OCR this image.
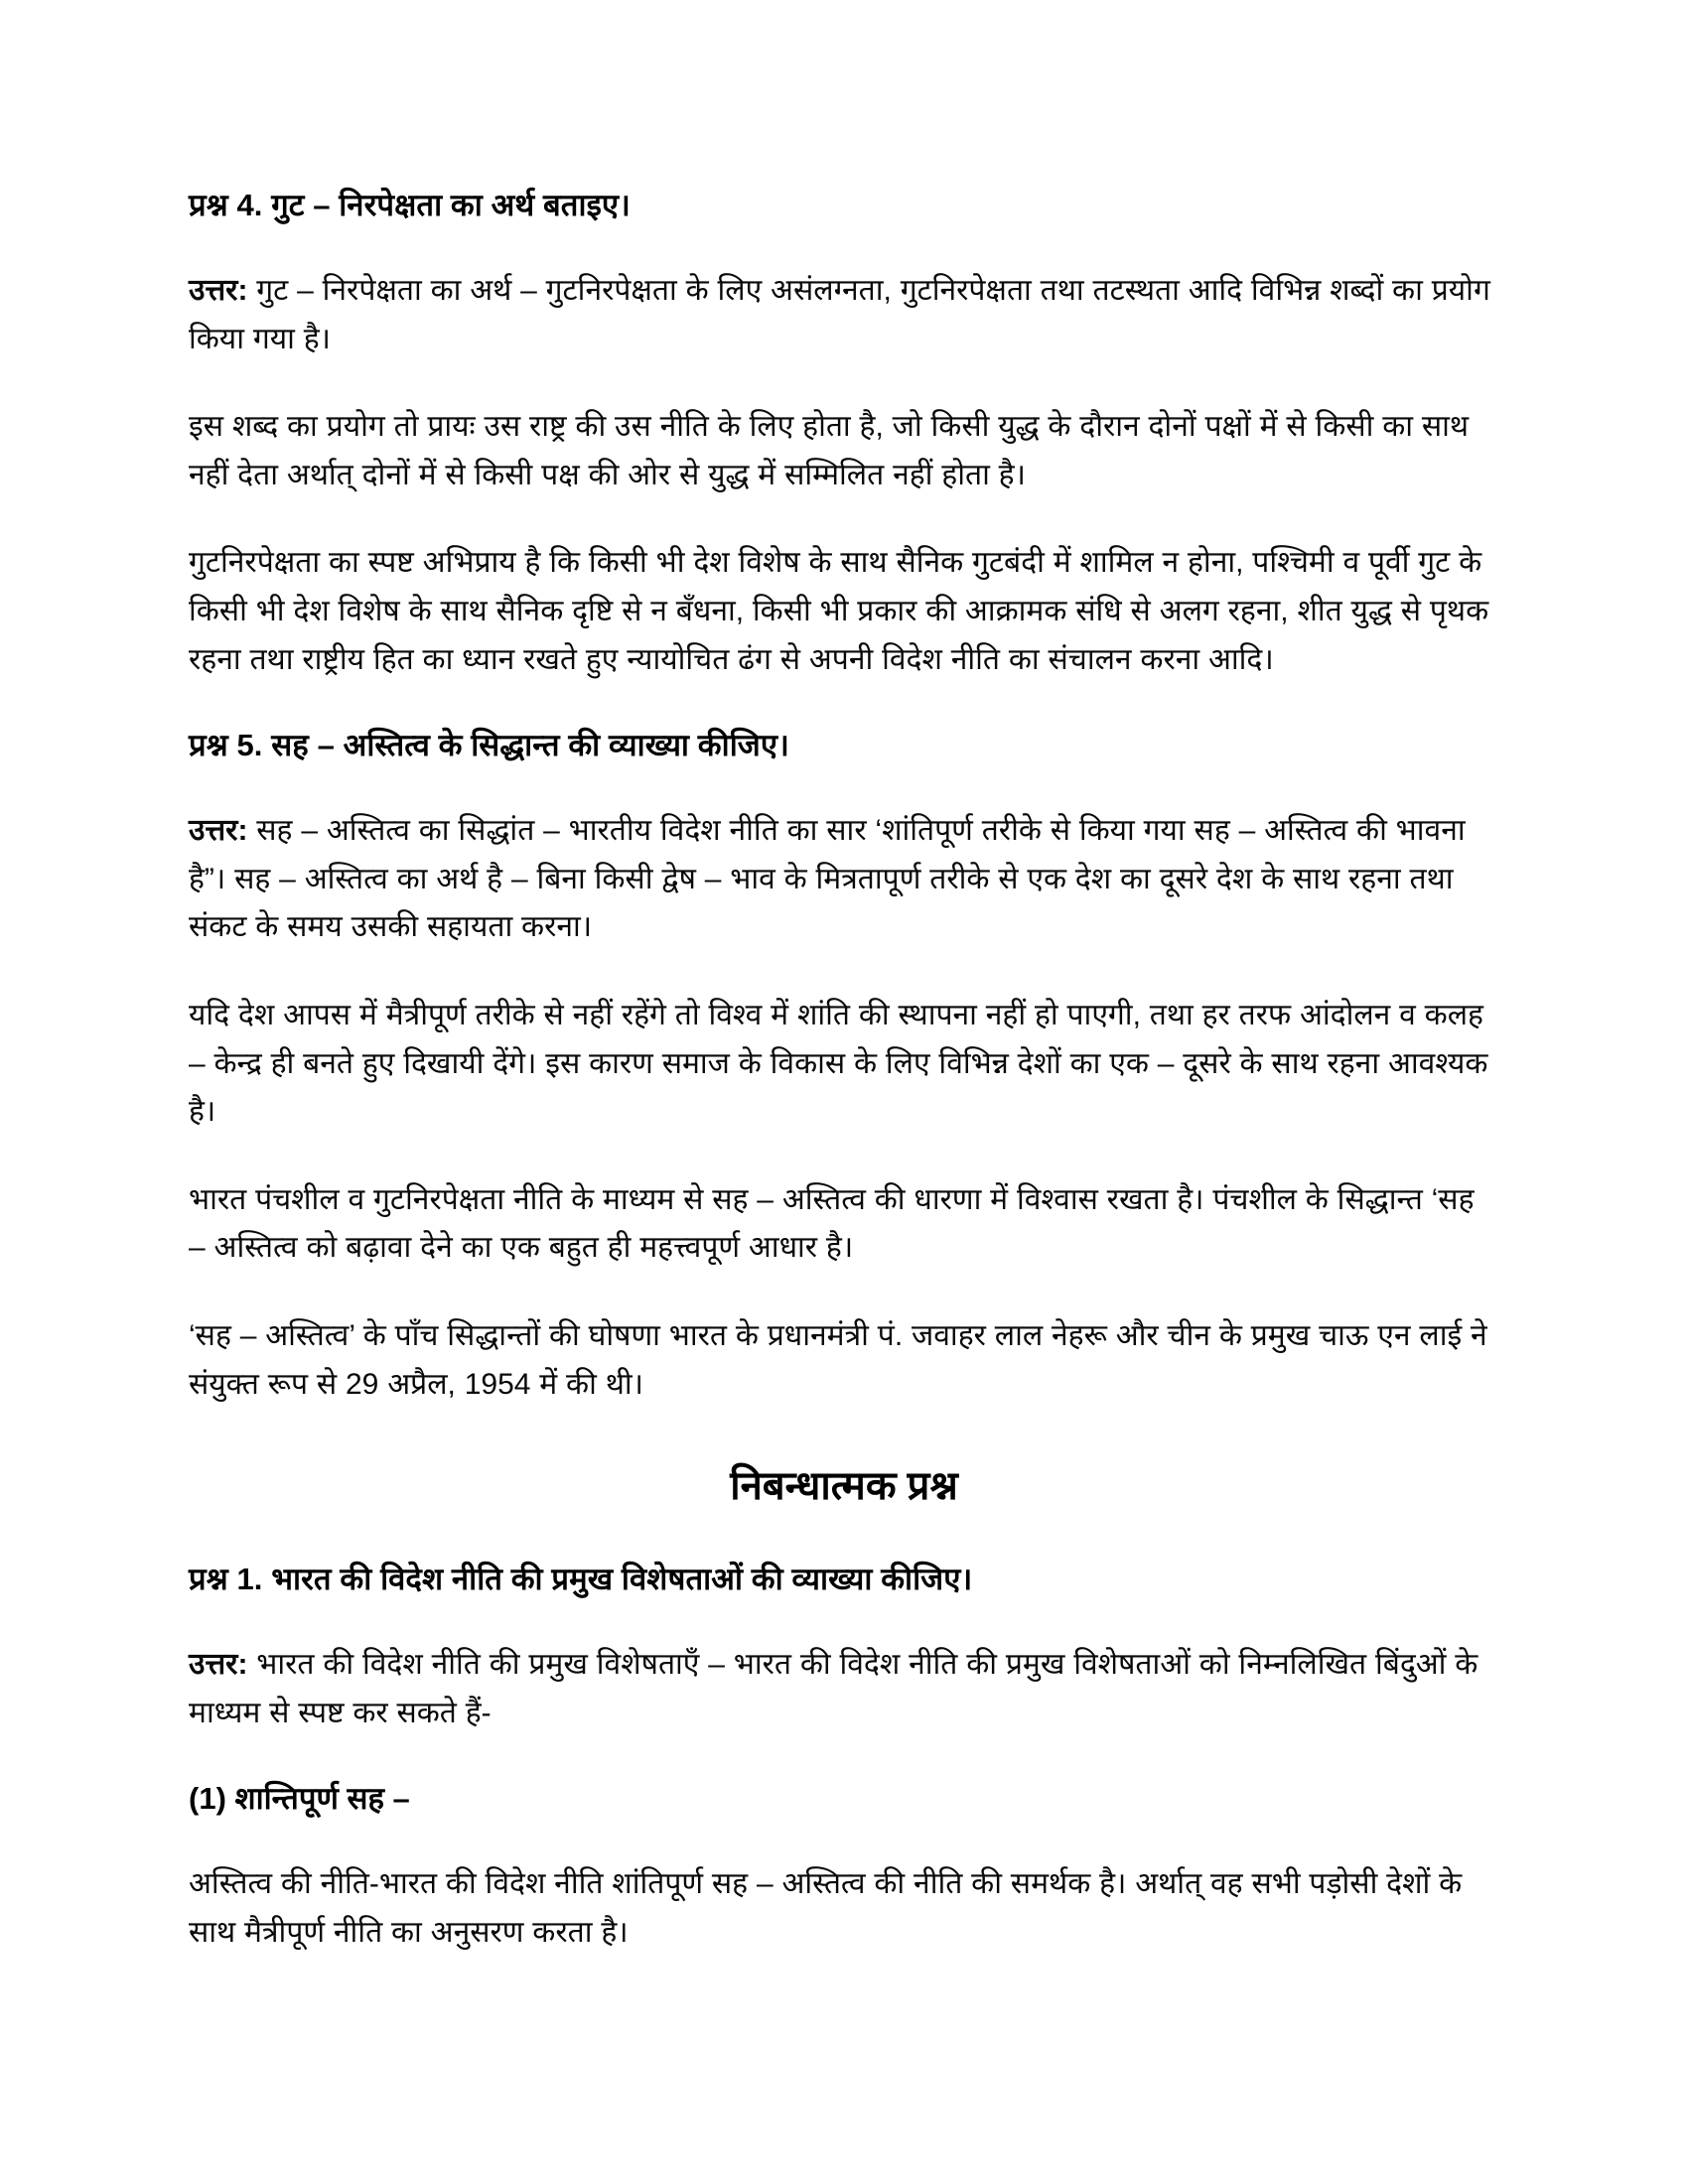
प्रश्न 4. गुट – निरपेक्षता का अर्थ बताइए।

उत्तर: गुट – निरपेक्षता का अर्थ – गुटनिरपेक्षता के लिए असंलग्नता, गुटनिरपेक्षता तथा तटस्थता आदि विभिन्न शब्दों का प्रयोग किया गया है।

इस शब्द का प्रयोग तो प्रायः उस राष्ट्र की उस नीति के लिए होता है, जो किसी युद्ध के दौरान दोनों पक्षों में से किसी का साथ नहीं देता अर्थात् दोनों में से किसी पक्ष की ओर से युद्ध में सम्मिलित नहीं होता है।

गुटनिरपेक्षता का स्पष्ट अभिप्राय है कि किसी भी देश विशेष के साथ सैनिक गुटबंदी में शामिल न होना, पश्चिमी व पूर्वी गुट के किसी भी देश विशेष के साथ सैनिक दृष्टि से न बँधना, किसी भी प्रकार की आक्रामक संधि से अलग रहना, शीत युद्ध से पृथक रहना तथा राष्ट्रीय हित का ध्यान रखते हुए न्यायोचित ढंग से अपनी विदेश नीति का संचालन करना आदि।

प्रश्न 5. सह – अस्तित्व के सिद्धान्त की व्याख्या कीजिए।

उत्तर: सह – अस्तित्व का सिद्धांत – भारतीय विदेश नीति का सार ‘शांतिपूर्ण तरीके से किया गया सह – अस्तित्व की भावना है”। सह – अस्तित्व का अर्थ है – बिना किसी द्वेष – भाव के मित्रतापूर्ण तरीके से एक देश का दूसरे देश के साथ रहना तथा संकट के समय उसकी सहायता करना।

यदि देश आपस में मैत्रीपूर्ण तरीके से नहीं रहेंगे तो विश्व में शांति की स्थापना नहीं हो पाएगी, तथा हर तरफ आंदोलन व कलह – केन्द्र ही बनते हुए दिखायी देंगे। इस कारण समाज के विकास के लिए विभिन्न देशों का एक – दूसरे के साथ रहना आवश्यक है।

भारत पंचशील व गुटनिरपेक्षता नीति के माध्यम से सह – अस्तित्व की धारणा में विश्वास रखता है। पंचशील के सिद्धान्त ‘सह – अस्तित्व को बढ़ावा देने का एक बहुत ही महत्त्वपूर्ण आधार है।

‘सह – अस्तित्व’ के पाँच सिद्धान्तों की घोषणा भारत के प्रधानमंत्री पं. जवाहर लाल नेहरू और चीन के प्रमुख चाऊ एन लाई ने संयुक्त रूप से 29 अप्रैल, 1954 में की थी।

निबन्धात्मक प्रश्न
प्रश्न 1. भारत की विदेश नीति की प्रमुख विशेषताओं की व्याख्या कीजिए।

उत्तर: भारत की विदेश नीति की प्रमुख विशेषताएँ – भारत की विदेश नीति की प्रमुख विशेषताओं को निम्नलिखित बिंदुओं के माध्यम से स्पष्ट कर सकते हैं-

(1) शान्तिपूर्ण सह –

अस्तित्व की नीति-भारत की विदेश नीति शांतिपूर्ण सह – अस्तित्व की नीति की समर्थक है। अर्थात् वह सभी पड़ोसी देशों के साथ मैत्रीपूर्ण नीति का अनुसरण करता है।
